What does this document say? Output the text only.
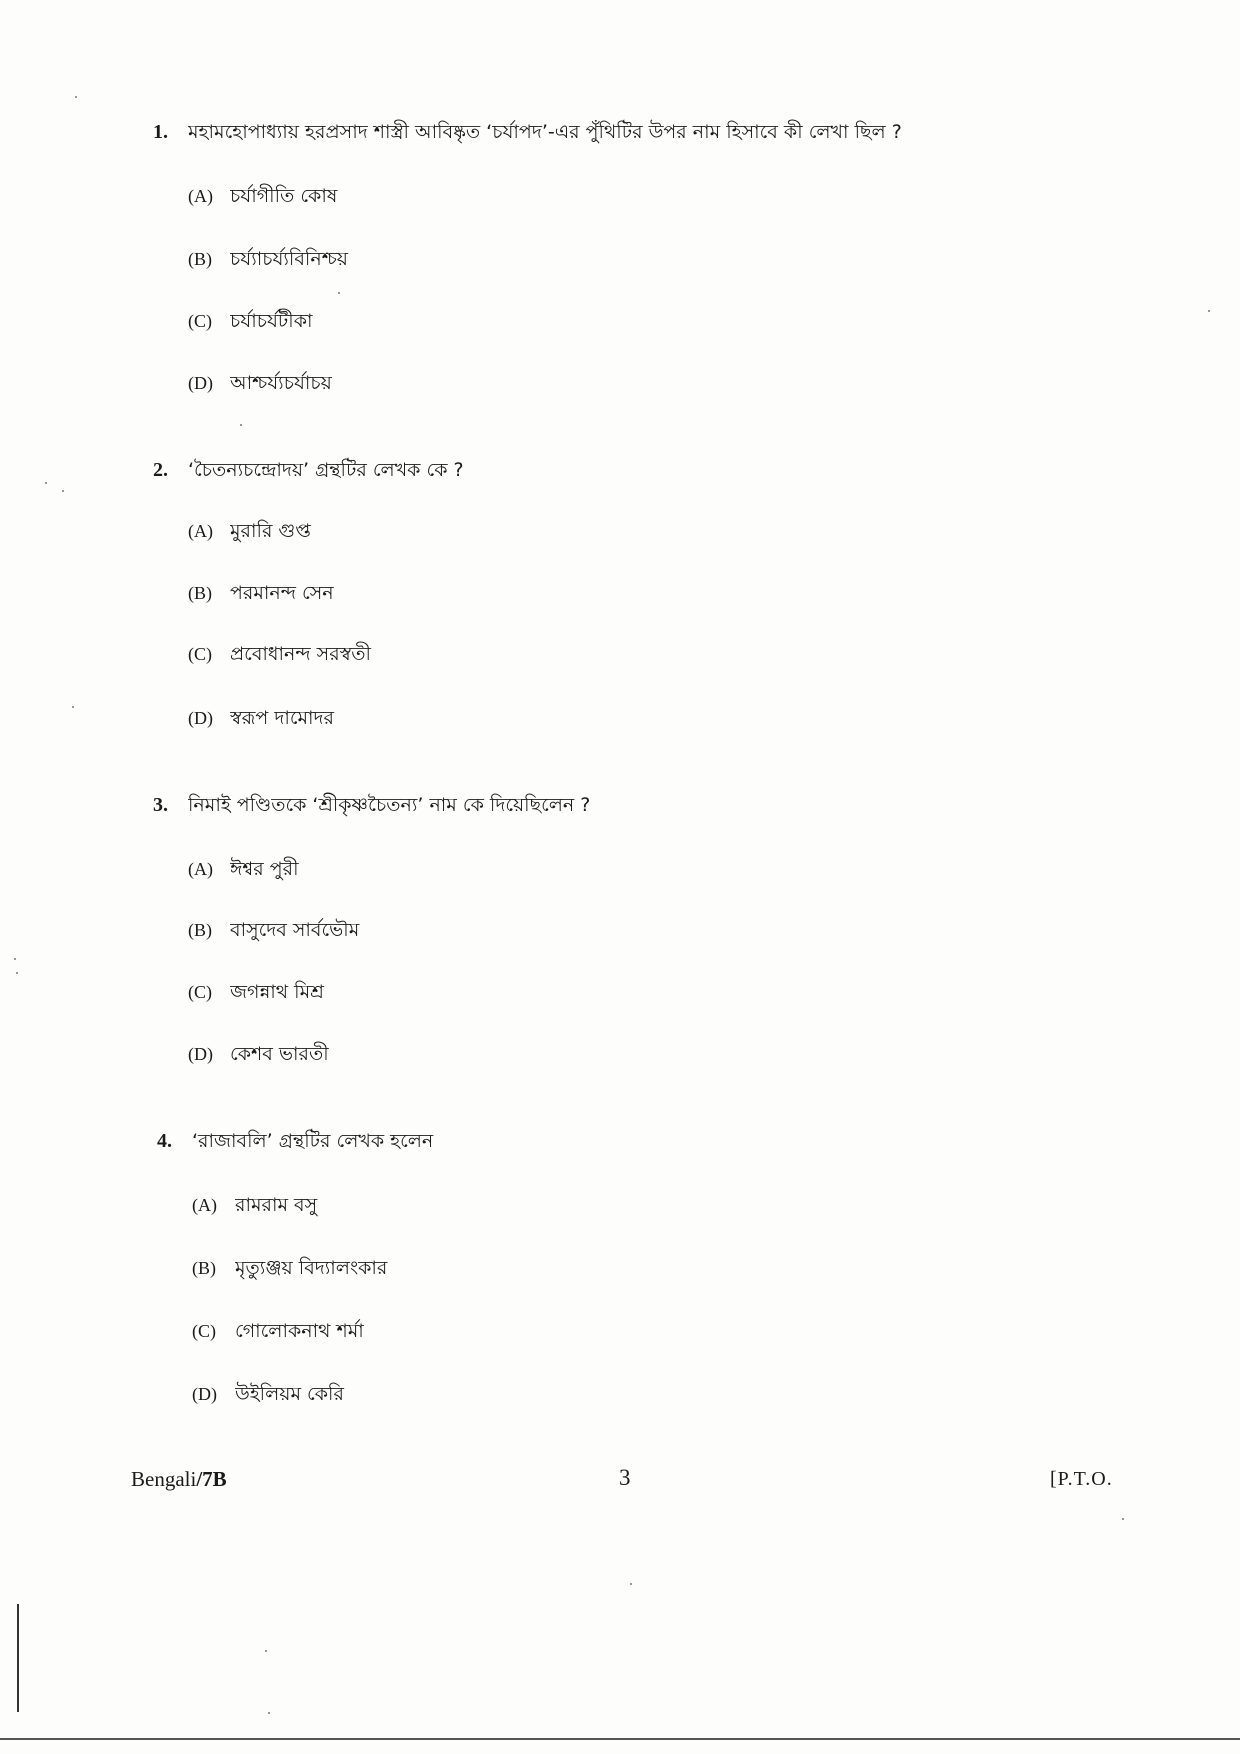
1. মহামহোপাধ্যায় হরপ্রসাদ শাস্ত্রী আবিষ্কৃত ‘চর্যাপদ’-এর পুঁথিটির উপর নাম হিসাবে কী লেখা ছিল ?
(A) চর্যাগীতি কোষ
(B) চর্য্যাচর্য্যবিনিশ্চয়
(C) চর্যাচর্যটীকা
(D) আশ্চর্য্যচর্যাচয়
2. ‘চৈতন্যচন্দ্রোদয়’ গ্রন্থটির লেখক কে ?
(A) মুরারি গুপ্ত
(B) পরমানন্দ সেন
(C) প্রবোধানন্দ সরস্বতী
(D) স্বরূপ দামোদর
3. নিমাই পণ্ডিতকে ‘শ্রীকৃষ্ণচৈতন্য’ নাম কে দিয়েছিলেন ?
(A) ঈশ্বর পুরী
(B) বাসুদেব সার্বভৌম
(C) জগন্নাথ মিশ্র
(D) কেশব ভারতী
4. ‘রাজাবলি’ গ্রন্থটির লেখক হলেন
(A) রামরাম বসু
(B) মৃত্যুঞ্জয় বিদ্যালংকার
(C) গোলোকনাথ শর্মা
(D) উইলিয়ম কেরি
Bengali/7B	3	[P.T.O.
